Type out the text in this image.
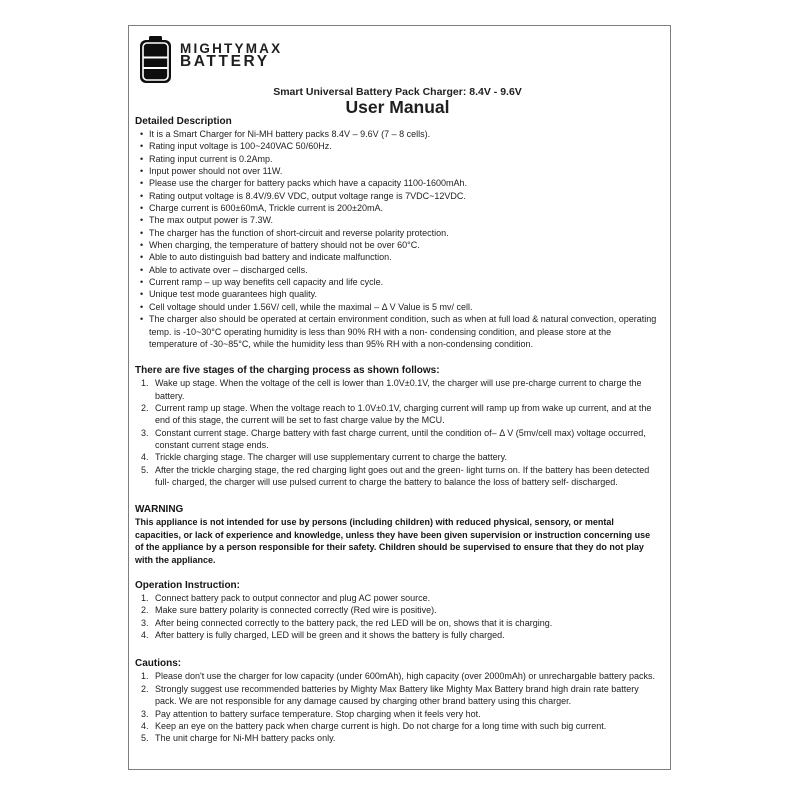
MIGHTYMAX
BATTERY
Smart Universal Battery Pack Charger: 8.4V - 9.6V
User Manual
Detailed Description
• It is a Smart Charger for Ni-MH battery packs 8.4V – 9.6V (7 – 8 cells).
• Rating input voltage is 100~240VAC 50/60Hz.
• Rating input current is 0.2Amp.
• Input power should not over 11W.
• Please use the charger for battery packs which have a capacity 1100-1600mAh.
• Rating output voltage is 8.4V/9.6V VDC, output voltage range is 7VDC~12VDC.
• Charge current is 600±60mA, Trickle current is 200±20mA.
• The max output power is 7.3W.
• The charger has the function of short-circuit and reverse polarity protection.
• When charging, the temperature of battery should not be over 60°C.
• Able to auto distinguish bad battery and indicate malfunction.
• Able to activate over – discharged cells.
• Current ramp – up way benefits cell capacity and life cycle.
• Unique test mode guarantees high quality.
• Cell voltage should under 1.56V/ cell, while the maximal – Δ V Value is 5 mv/ cell.
• The charger also should be operated at certain environment condition, such as when at full load & natural convection, operating temp. is -10~30°C operating humidity is less than 90% RH with a non- condensing condition, and please store at the temperature of -30~85°C, while the humidity less than 95% RH with a non-condensing condition.
There are five stages of the charging process as shown follows:
Wake up stage. When the voltage of the cell is lower than 1.0V±0.1V, the charger will use pre-charge current to charge the battery.
Current ramp up stage. When the voltage reach to 1.0V±0.1V, charging current will ramp up from wake up current, and at the end of this stage, the current will be set to fast charge value by the MCU.
Constant current stage. Charge battery with fast charge current, until the condition of– Δ V (5mv/cell max) voltage occurred, constant current stage ends.
Trickle charging stage. The charger will use supplementary current to charge the battery.
After the trickle charging stage, the red charging light goes out and the green- light turns on. If the battery has been detected full- charged, the charger will use pulsed current to charge the battery to balance the loss of battery self- discharged.
WARNING

This appliance is not intended for use by persons (including children) with reduced physical, sensory, or mental capacities, or lack of experience and knowledge, unless they have been given supervision or instruction concerning use of the appliance by a person responsible for their safety. Children should be supervised to ensure that they do not play with the appliance.

Operation Instruction:
Connect battery pack to output connector and plug AC power source.
Make sure battery polarity is connected correctly (Red wire is positive).
After being connected correctly to the battery pack, the red LED will be on, shows that it is charging.
After battery is fully charged, LED will be green and it shows the battery is fully charged.
Cautions:
Please don't use the charger for low capacity (under 600mAh), high capacity (over 2000mAh) or unrechargable battery packs.
Strongly suggest use recommended batteries by Mighty Max Battery like Mighty Max Battery brand high drain rate battery pack. We are not responsible for any damage caused by charging other brand battery using this charger.
Pay attention to battery surface temperature. Stop charging when it feels very hot.
Keep an eye on the battery pack when charge current is high. Do not charge for a long time with such big current.
The unit charge for Ni-MH battery packs only.
